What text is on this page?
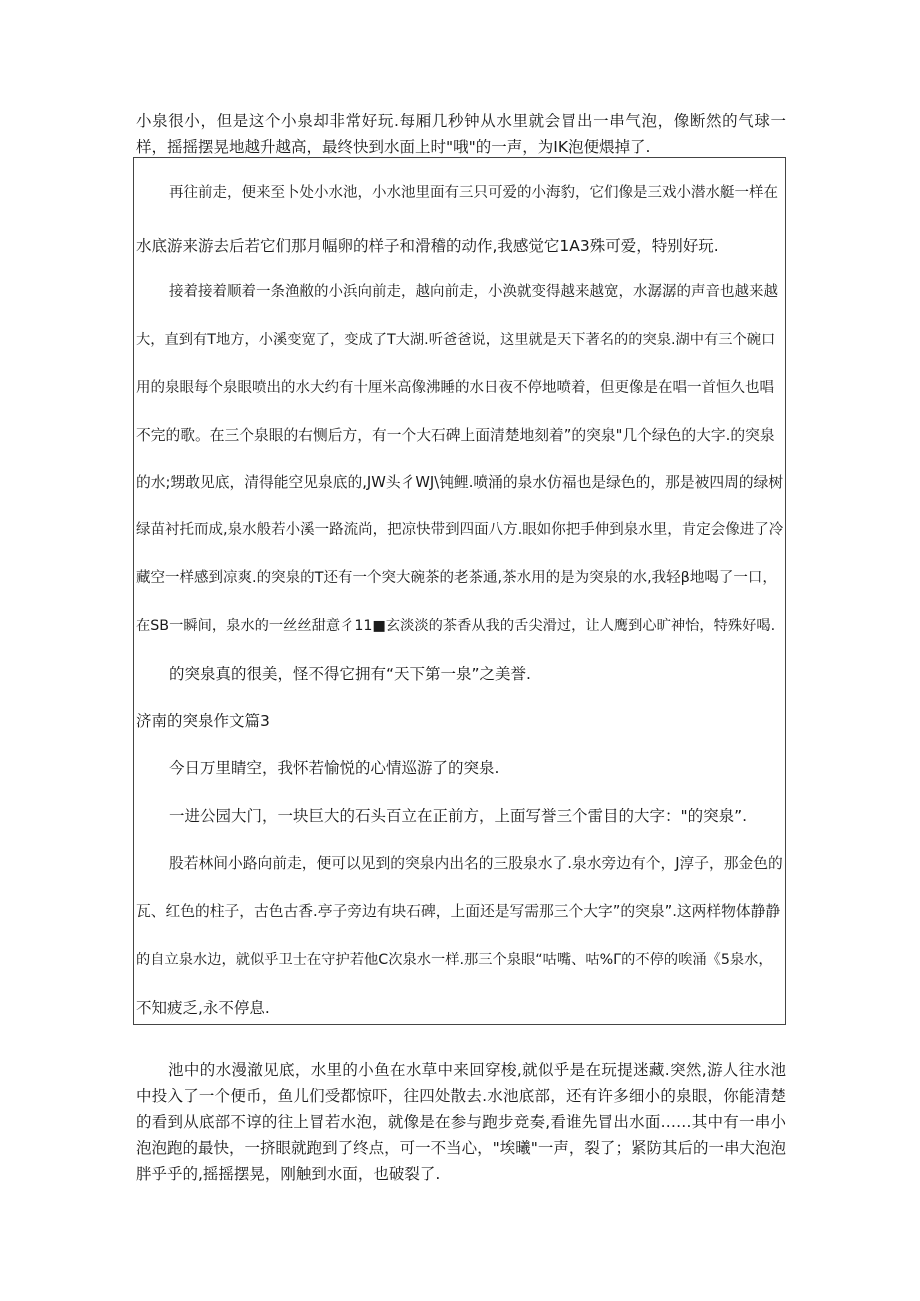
小泉很小，但是这个小泉却非常好玩.每厢几秒钟从水里就会冒出一串气泡，像断然的气球一样，摇摇摆晃地越升越高，最终快到水面上时"哦"的一声，为IK泡便煨掉了.

再往前走，便来至卜处小水池，小水池里面有三只可爱的小海豹，它们像是三戏小潜水艇一样在

水底游来游去后若它们那月幅卵的样子和滑稽的动作,我感觉它1A3殊可爱，特别好玩.

接着接着顺着一条渔敝的小浜向前走，越向前走，小涣就变得越来越宽，水潺潺的声音也越来越

大，直到有T地方，小溪变宽了，变成了T大湖.听爸爸说，这里就是天下著名的的突泉.湖中有三个碗口

用的泉眼每个泉眼喷出的水大约有十厘米高像沸睡的水日夜不停地喷着，但更像是在唱一首恒久也唱

不完的歌。在三个泉眼的右恻后方，有一个大石碑上面清楚地刻着”的突泉"几个绿色的大字.的突泉

的水;甥敢见底，清得能空见泉底的,JW头彳WJ\钝鲤.喷涌的泉水仿福也是绿色的，那是被四周的绿树

绿苗衬托而成,泉水般若小溪一路流尚，把凉快带到四面八方.眼如你把手伸到泉水里，肯定会像进了冷

藏空一样感到凉爽.的突泉的T还有一个突大碗茶的老茶通,茶水用的是为突泉的水,我轻β地喝了一口，

在SB一瞬间，泉水的一丝丝甜意彳11■玄淡淡的茶香从我的舌尖滑过，让人鹰到心旷神怡，特殊好喝.

的突泉真的很美，怪不得它拥有“天下第一泉”之美誉.

济南的突泉作文篇3

今日万里睛空，我怀若愉悦的心情巡游了的突泉.

一进公园大门，一块巨大的石头百立在正前方，上面写誉三个雷目的大字："的突泉”.

股若林间小路向前走，便可以见到的突泉内出名的三股泉水了.泉水旁边有个，J淳子，那金色的

瓦、红色的柱子，古色古香.亭子旁边有块石碑，上面还是写需那三个大字”的突泉”.这两样物体静静

的自立泉水边，就似乎卫士在守护若他C次泉水一样.那三个泉眼“咕嘴、咕%Γ的不停的唉涌《5泉水，

不知疲乏,永不停息.

池中的水漫澈见底，水里的小鱼在水草中来回穿梭,就似乎是在玩提迷藏.突然,游人往水池中投入了一个便币，鱼儿们受都惊吓，往四处散去.水池底部，还有许多细小的泉眼，你能清楚的看到从底部不谆的往上冒若水泡，就像是在参与跑步竞奏,看谁先冒出水面……其中有一串小泡泡跑的最快，一挤眼就跑到了终点，可一不当心，"埃曦"一声，裂了；紧防其后的一串大泡泡胖乎乎的,摇摇摆晃，刚触到水面，也破裂了.
